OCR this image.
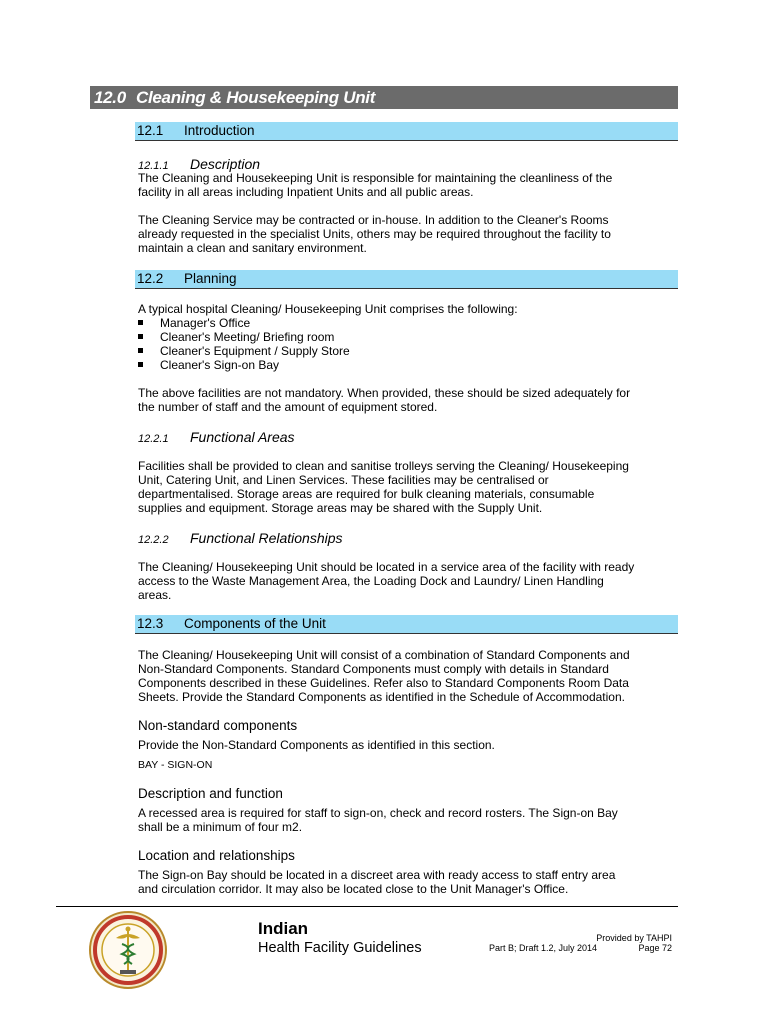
12.0 Cleaning & Housekeeping Unit
12.1 Introduction
12.1.1 Description

The Cleaning and Housekeeping Unit is responsible for maintaining the cleanliness of the

facility in all areas including Inpatient Units and all public areas.

The Cleaning Service may be contracted or in-house. In addition to the Cleaner's Rooms

already requested in the specialist Units, others may be required throughout the facility to

maintain a clean and sanitary environment.

12.2 Planning

A typical hospital Cleaning/ Housekeeping Unit comprises the following:

Manager's Office
Cleaner's Meeting/ Briefing room
Cleaner's Equipment / Supply Store
Cleaner's Sign-on Bay

The above facilities are not mandatory. When provided, these should be sized adequately for

the number of staff and the amount of equipment stored.

12.2.1 Functional Areas

Facilities shall be provided to clean and sanitise trolleys serving the Cleaning/ Housekeeping

Unit, Catering Unit, and Linen Services. These facilities may be centralised or

departmentalised. Storage areas are required for bulk cleaning materials, consumable

supplies and equipment. Storage areas may be shared with the Supply Unit.

12.2.2 Functional Relationships

The Cleaning/ Housekeeping Unit should be located in a service area of the facility with ready

access to the Waste Management Area, the Loading Dock and Laundry/ Linen Handling

areas.

12.3 Components of the Unit

The Cleaning/ Housekeeping Unit will consist of a combination of Standard Components and

Non-Standard Components. Standard Components must comply with details in Standard

Components described in these Guidelines. Refer also to Standard Components Room Data

Sheets. Provide the Standard Components as identified in the Schedule of Accommodation.

Non-standard components

Provide the Non-Standard Components as identified in this section.

BAY - SIGN-ON
Description and function

A recessed area is required for staff to sign-on, check and record rosters. The Sign-on Bay

shall be a minimum of four m2.

Location and relationships

The Sign-on Bay should be located in a discreet area with ready access to staff entry area

and circulation corridor. It may also be located close to the Unit Manager's Office.

Indian
Health Facility Guidelines
Provided by TAHPI
Part B; Draft 1.2, July 2014	Page 72
